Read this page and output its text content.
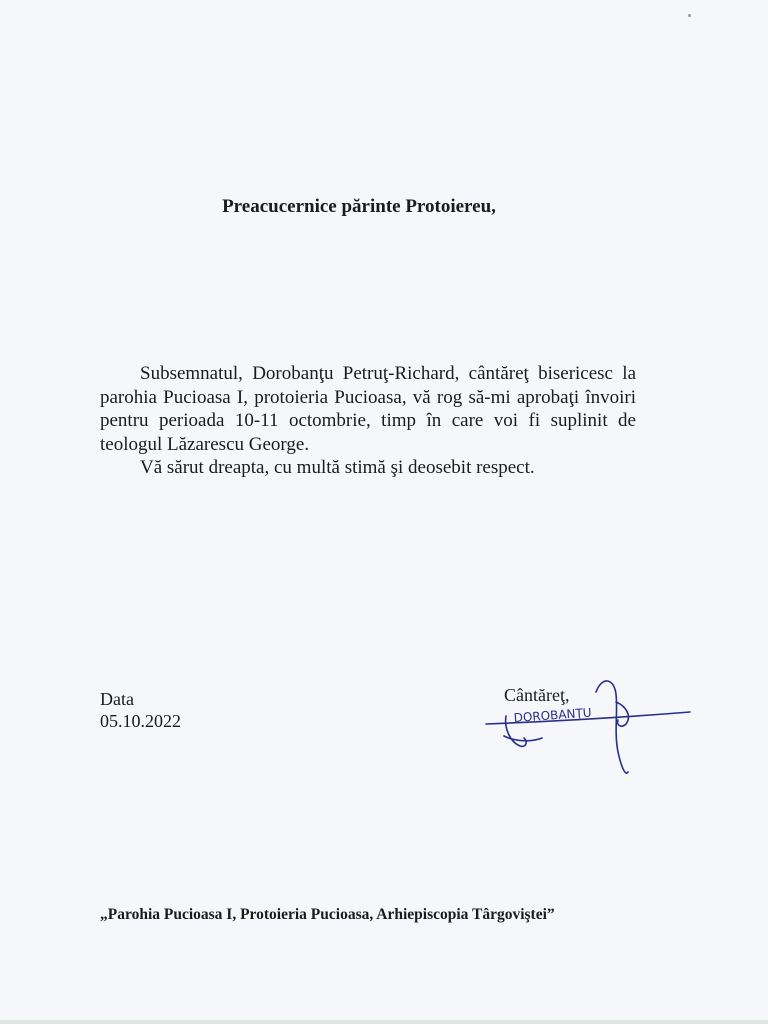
Preacucernice părinte Protoiereu,

Subsemnatul, Dorobanţu Petruţ-Richard, cântăreţ bisericesc la parohia Pucioasa I, protoieria Pucioasa, vă rog să-mi aprobaţi învoiri pentru perioada 10-11 octombrie, timp în care voi fi suplinit de teologul Lăzarescu George.

Vă sărut dreapta, cu multă stimă şi deosebit respect.

Data
05.10.2022
Cântăreţ,
DOROBANŢU
„Parohia Pucioasa I, Protoieria Pucioasa, Arhiepiscopia Târgoviştei”
